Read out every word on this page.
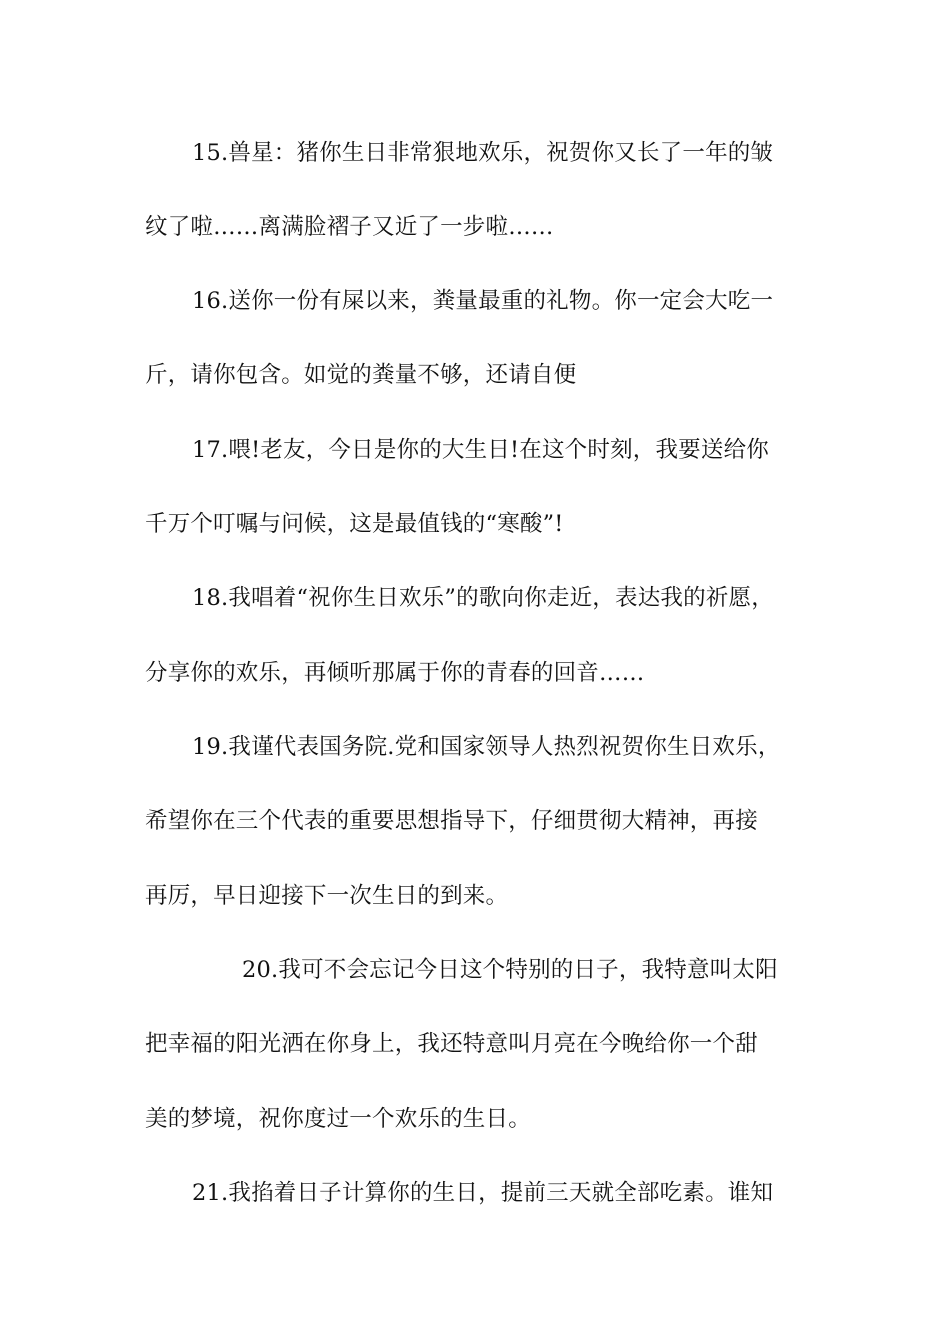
15.兽星：猪你生日非常狠地欢乐，祝贺你又长了一年的皱
纹了啦……离满脸褶子又近了一步啦……
16.送你一份有屎以来，粪量最重的礼物。你一定会大吃一
斤，请你包含。如觉的粪量不够，还请自便
17.喂!老友，今日是你的大生日!在这个时刻，我要送给你
千万个叮嘱与问候，这是最值钱的“寒酸”!
18.我唱着“祝你生日欢乐”的歌向你走近，表达我的祈愿，
分享你的欢乐，再倾听那属于你的青春的回音……
19.我谨代表国务院.党和国家领导人热烈祝贺你生日欢乐，
希望你在三个代表的重要思想指导下，仔细贯彻大精神，再接
再厉，早日迎接下一次生日的到来。
20.我可不会忘记今日这个特别的日子，我特意叫太阳
把幸福的阳光洒在你身上，我还特意叫月亮在今晚给你一个甜
美的梦境，祝你度过一个欢乐的生日。
21.我掐着日子计算你的生日，提前三天就全部吃素。谁知
